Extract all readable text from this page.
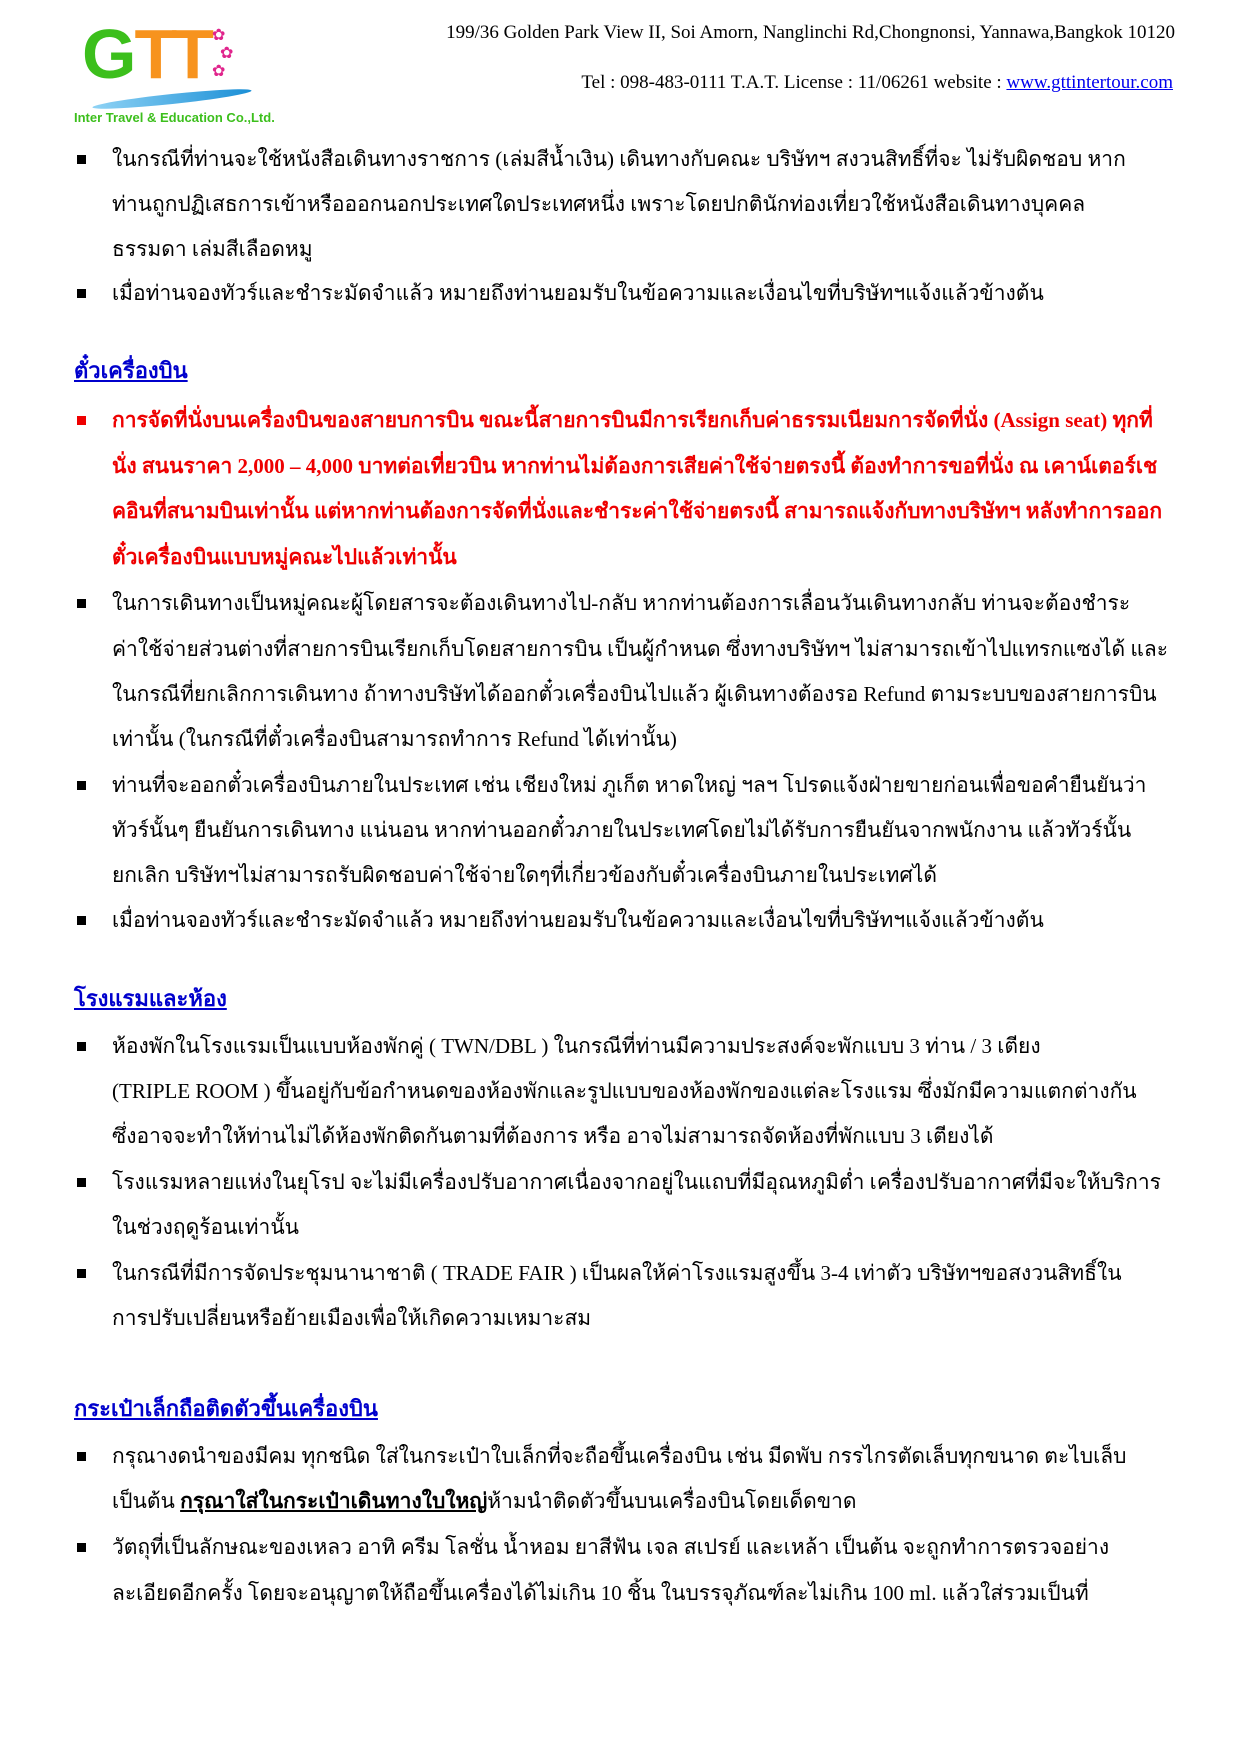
G TT ✿
✿
✿
Inter Travel & Education Co.,Ltd.
199/36 Golden Park View II, Soi Amorn, Nanglinchi Rd,Chongnonsi, Yannawa,Bangkok 10120
Tel : 098-483-0111 T.A.T. License : 11/06261 website : www.gttintertour.com
ในกรณีที่ท่านจะใช้หนังสือเดินทางราชการ (เล่มสีน้ำเงิน) เดินทางกับคณะ บริษัทฯ สงวนสิทธิ์ที่จะ ไม่รับผิดชอบ หาก
ท่านถูกปฏิเสธการเข้าหรือออกนอกประเทศใดประเทศหนึ่ง เพราะโดยปกตินักท่องเที่ยวใช้หนังสือเดินทางบุคคล
ธรรมดา เล่มสีเลือดหมู
เมื่อท่านจองทัวร์และชำระมัดจำแล้ว หมายถึงท่านยอมรับในข้อความและเงื่อนไขที่บริษัทฯแจ้งแล้วข้างต้น
ตั๋วเครื่องบิน
การจัดที่นั่งบนเครื่องบินของสายบการบิน ขณะนี้สายการบินมีการเรียกเก็บค่าธรรมเนียมการจัดที่นั่ง (Assign seat) ทุกที่
นั่ง สนนราคา 2,000 – 4,000 บาทต่อเที่ยวบิน หากท่านไม่ต้องการเสียค่าใช้จ่ายตรงนี้ ต้องทำการขอที่นั่ง ณ เคาน์เตอร์เช
คอินที่สนามบินเท่านั้น แต่หากท่านต้องการจัดที่นั่งและชำระค่าใช้จ่ายตรงนี้ สามารถแจ้งกับทางบริษัทฯ หลังทำการออก
ตั๋วเครื่องบินแบบหมู่คณะไปแล้วเท่านั้น
ในการเดินทางเป็นหมู่คณะผู้โดยสารจะต้องเดินทางไป-กลับ หากท่านต้องการเลื่อนวันเดินทางกลับ ท่านจะต้องชำระ
ค่าใช้จ่ายส่วนต่างที่สายการบินเรียกเก็บโดยสายการบิน เป็นผู้กำหนด ซึ่งทางบริษัทฯ ไม่สามารถเข้าไปแทรกแซงได้ และ
ในกรณีที่ยกเลิกการเดินทาง ถ้าทางบริษัทได้ออกตั๋วเครื่องบินไปแล้ว ผู้เดินทางต้องรอ Refund ตามระบบของสายการบิน
เท่านั้น (ในกรณีที่ตั๋วเครื่องบินสามารถทำการ Refund ได้เท่านั้น)
ท่านที่จะออกตั๋วเครื่องบินภายในประเทศ เช่น เชียงใหม่ ภูเก็ต หาดใหญ่ ฯลฯ โปรดแจ้งฝ่ายขายก่อนเพื่อขอคำยืนยันว่า
ทัวร์นั้นๆ ยืนยันการเดินทาง แน่นอน หากท่านออกตั๋วภายในประเทศโดยไม่ได้รับการยืนยันจากพนักงาน แล้วทัวร์นั้น
ยกเลิก บริษัทฯไม่สามารถรับผิดชอบค่าใช้จ่ายใดๆที่เกี่ยวข้องกับตั๋วเครื่องบินภายในประเทศได้
เมื่อท่านจองทัวร์และชำระมัดจำแล้ว หมายถึงท่านยอมรับในข้อความและเงื่อนไขที่บริษัทฯแจ้งแล้วข้างต้น
โรงแรมและห้อง
ห้องพักในโรงแรมเป็นแบบห้องพักคู่ ( TWN/DBL ) ในกรณีที่ท่านมีความประสงค์จะพักแบบ 3 ท่าน / 3 เตียง
(TRIPLE ROOM ) ขึ้นอยู่กับข้อกำหนดของห้องพักและรูปแบบของห้องพักของแต่ละโรงแรม ซึ่งมักมีความแตกต่างกัน
ซึ่งอาจจะทำให้ท่านไม่ได้ห้องพักติดกันตามที่ต้องการ หรือ อาจไม่สามารถจัดห้องที่พักแบบ 3 เตียงได้
โรงแรมหลายแห่งในยุโรป จะไม่มีเครื่องปรับอากาศเนื่องจากอยู่ในแถบที่มีอุณหภูมิต่ำ เครื่องปรับอากาศที่มีจะให้บริการ
ในช่วงฤดูร้อนเท่านั้น
ในกรณีที่มีการจัดประชุมนานาชาติ ( TRADE FAIR ) เป็นผลให้ค่าโรงแรมสูงขึ้น 3-4 เท่าตัว บริษัทฯขอสงวนสิทธิ์ใน
การปรับเปลี่ยนหรือย้ายเมืองเพื่อให้เกิดความเหมาะสม
กระเป๋าเล็กถือติดตัวขึ้นเครื่องบิน
กรุณางดนำของมีคม ทุกชนิด ใส่ในกระเป๋าใบเล็กที่จะถือขึ้นเครื่องบิน เช่น มีดพับ กรรไกรตัดเล็บทุกขนาด ตะไบเล็บ
เป็นต้น กรุณาใส่ในกระเป๋าเดินทางใบใหญ่ห้ามนำติดตัวขึ้นบนเครื่องบินโดยเด็ดขาด
วัตถุที่เป็นลักษณะของเหลว อาทิ ครีม โลชั่น น้ำหอม ยาสีฟัน เจล สเปรย์ และเหล้า เป็นต้น จะถูกทำการตรวจอย่าง
ละเอียดอีกครั้ง โดยจะอนุญาตให้ถือขึ้นเครื่องได้ไม่เกิน 10 ชิ้น ในบรรจุภัณฑ์ละไม่เกิน 100 ml. แล้วใส่รวมเป็นที่
